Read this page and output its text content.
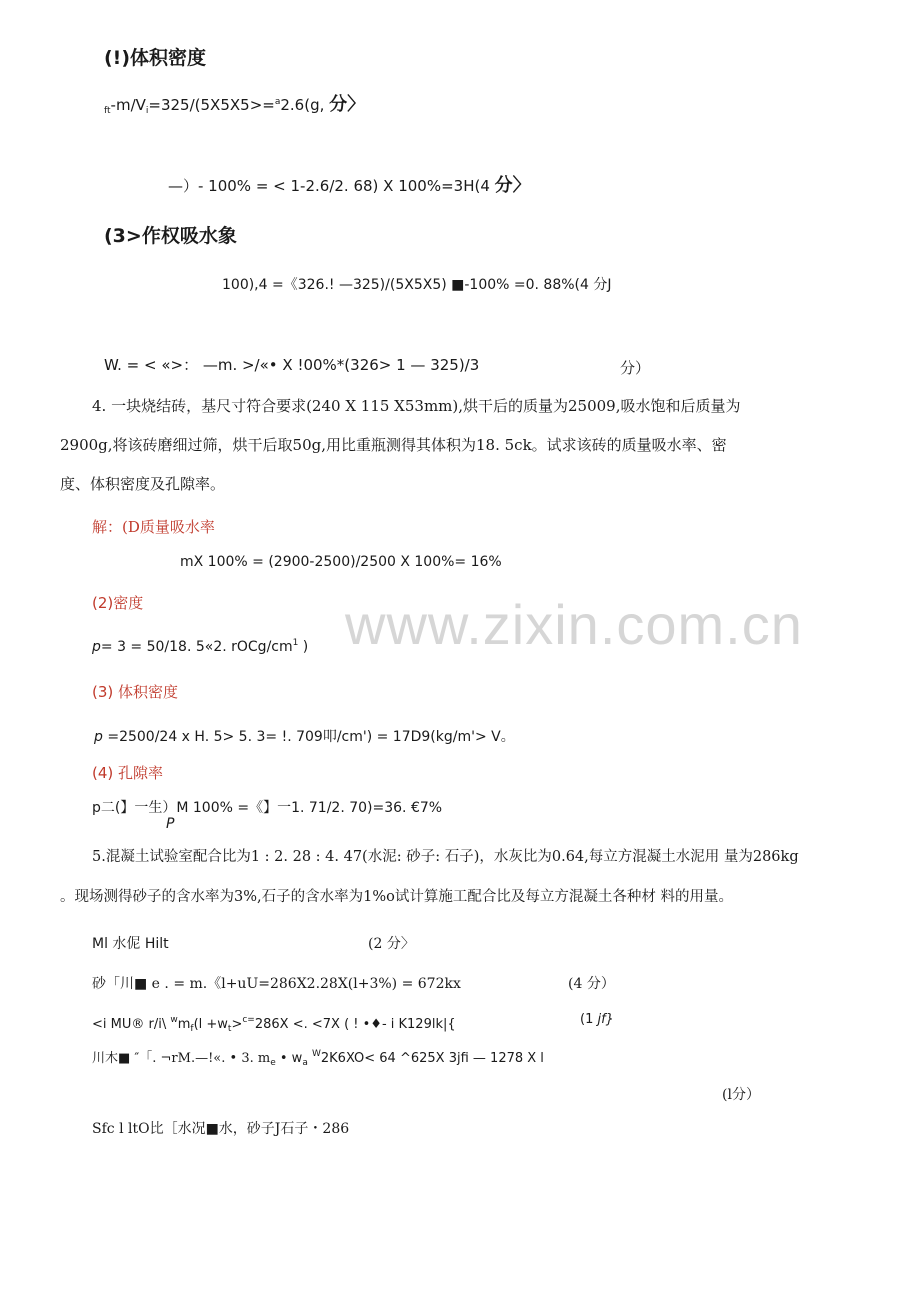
www.zixin.com.cn
(!)体积密度
$_{ft}-m/V_i=325/(5X5X5>=^a2.6(g$, 分〉
—）- 100% = < 1-2.6/2. 68) X 100%=3H(4 分〉
(3>作权吸水象
100),4 =《326.! —325)/(5X5X5) ■-100% =0. 88%(4 分J
W. = < «>： —m. >/«• X !00%*(326> 1 — 325)/3	分）
4. 一块烧结砖，基尺寸符合要求(240 X 115 X53mm),烘干后的质量为25009,吸水饱和后质量为
2900g,将该砖磨细过筛，烘干后取50g,用比重瓶测得其体积为18. 5ck。试求该砖的质量吸水率、密
度、体积密度及孔隙率。
解：(D质量吸水率
mX 100% = (2900-2500)/2500 X 100%= 16%
(2)密度
p= 3 = 50/18. 5«2. rOCg/$cm^1$ )
(3) 体积密度
p =2500/24 x H. 5> 5. 3= !. 709叩/cm') = 17D9(kg/m'> V。
(4) 孔隙率
p二(】一生）M 100% =《】一1. 71/2. 70)=36. €7%
P
5.混凝土试验室配合比为1 : 2. 28 : 4. 47(水泥: 砂子: 石子)，水灰比为0.64,每立方混凝土水泥用 量为286kg
。现场测得砂子的含水率为3%,石子的含水率为1%o试计算施工配合比及每立方混凝土各种材 料的用量。
Ml 水伲 Hilt	(2 分〉
砂「川■ e . = m.《l+uU=286X2.28X(l+3%) = 672kx	(4 分）
<i MU® r/i\ $^wm_f(l +w_t>^{c=}286X$ <. <7X ( ! •♦- i K129lk|{	(1 jf}
川木■ ″「. ¬rM.—!«. • 3. $m_e$ • $w_a$ $^W$2K6XO< 64 ^625X 3jfi — 1278 X l
(l分）
Sfc l ltO比［水况■水，砂子J石子・286
